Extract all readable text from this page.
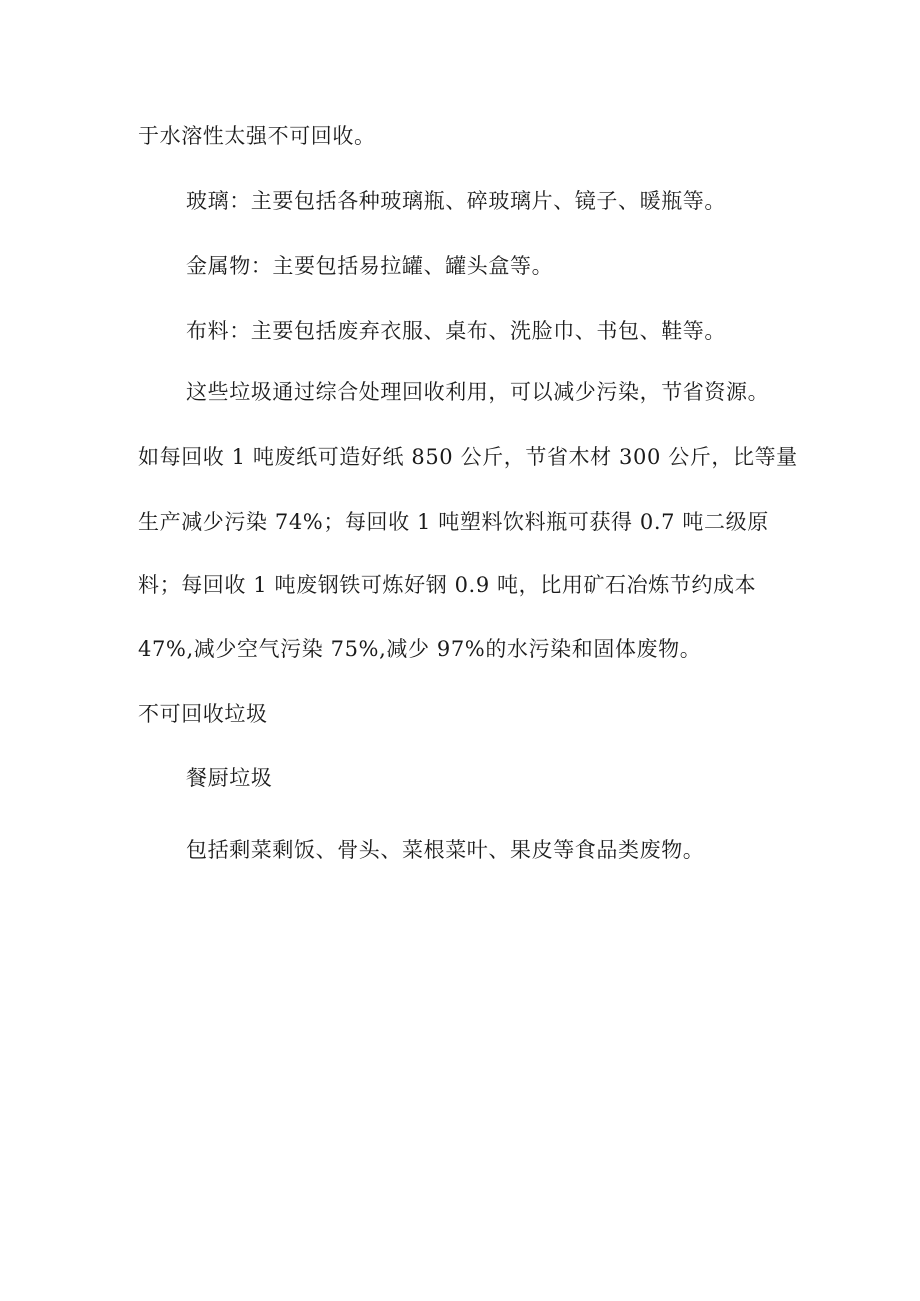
于水溶性太强不可回收。
玻璃：主要包括各种玻璃瓶、碎玻璃片、镜子、暖瓶等。
金属物：主要包括易拉罐、罐头盒等。
布料：主要包括废弃衣服、桌布、洗脸巾、书包、鞋等。
这些垃圾通过综合处理回收利用，可以减少污染，节省资源。
如每回收 1 吨废纸可造好纸 850 公斤，节省木材 300 公斤，比等量
生产减少污染 74%；每回收 1 吨塑料饮料瓶可获得 0.7 吨二级原
料；每回收 1 吨废钢铁可炼好钢 0.9 吨，比用矿石冶炼节约成本
47%,减少空气污染 75%,减少 97%的水污染和固体废物。
不可回收垃圾
餐厨垃圾
包括剩菜剩饭、骨头、菜根菜叶、果皮等食品类废物。
